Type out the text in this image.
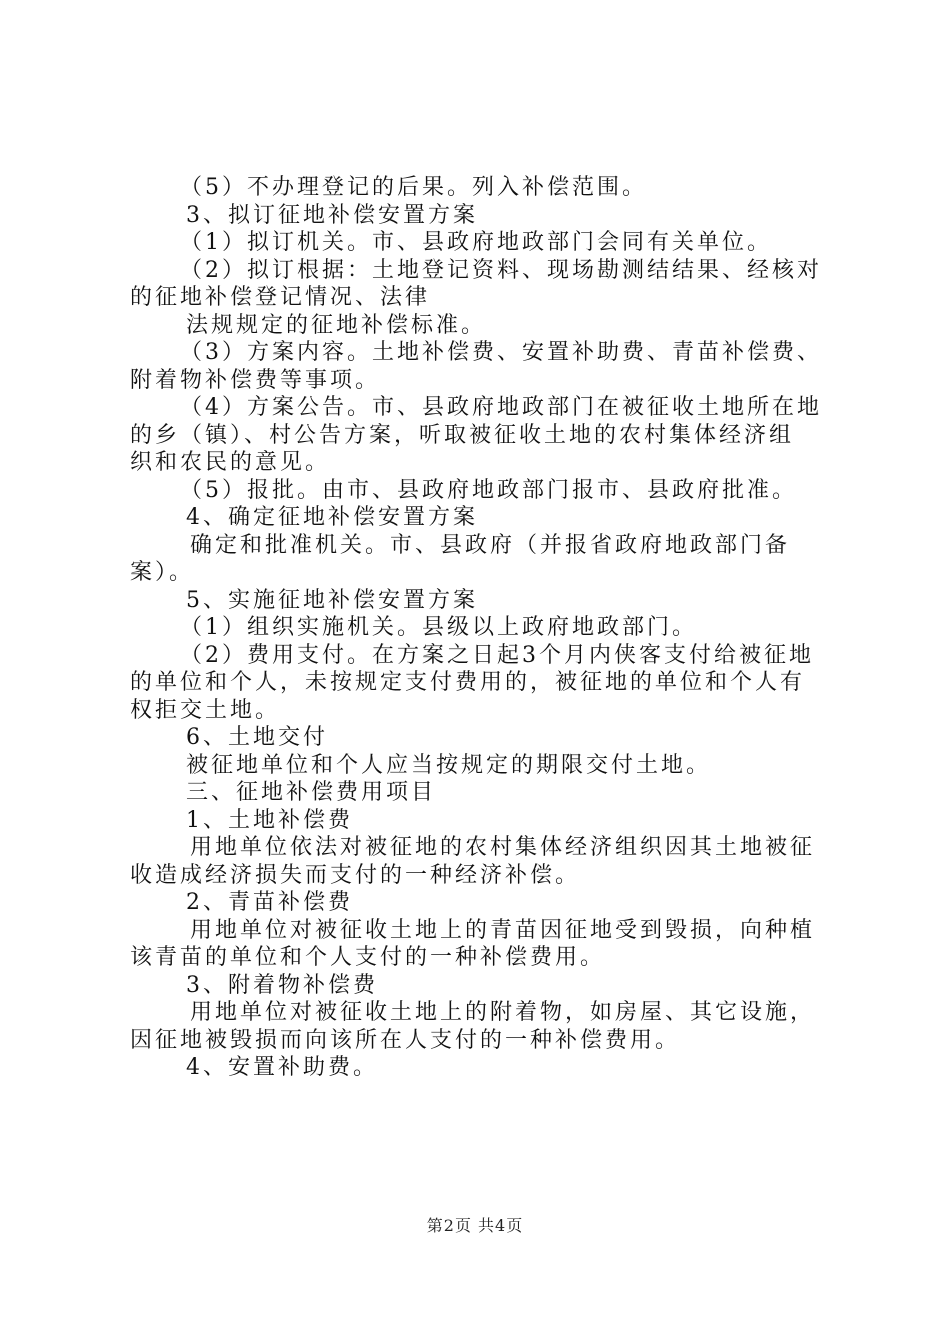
（5）不办理登记的后果。列入补偿范围。
3、拟订征地补偿安置方案
（1）拟订机关。市、县政府地政部门会同有关单位。
（2）拟订根据：土地登记资料、现场勘测结结果、经核对
的征地补偿登记情况、法律
法规规定的征地补偿标准。
（3）方案内容。土地补偿费、安置补助费、青苗补偿费、
附着物补偿费等事项。
（4）方案公告。市、县政府地政部门在被征收土地所在地
的乡（镇）、村公告方案，听取被征收土地的农村集体经济组
织和农民的意见。
（5）报批。由市、县政府地政部门报市、县政府批准。
4、确定征地补偿安置方案
确定和批准机关。市、县政府（并报省政府地政部门备
案）。
5、实施征地补偿安置方案
（1）组织实施机关。县级以上政府地政部门。
（2）费用支付。在方案之日起3个月内侠客支付给被征地
的单位和个人，未按规定支付费用的，被征地的单位和个人有
权拒交土地。
6、土地交付
被征地单位和个人应当按规定的期限交付土地。
三、征地补偿费用项目
1、土地补偿费
用地单位依法对被征地的农村集体经济组织因其土地被征
收造成经济损失而支付的一种经济补偿。
2、青苗补偿费
用地单位对被征收土地上的青苗因征地受到毁损，向种植
该青苗的单位和个人支付的一种补偿费用。
3、附着物补偿费
用地单位对被征收土地上的附着物，如房屋、其它设施，
因征地被毁损而向该所在人支付的一种补偿费用。
4、安置补助费。
第2页 共4页
